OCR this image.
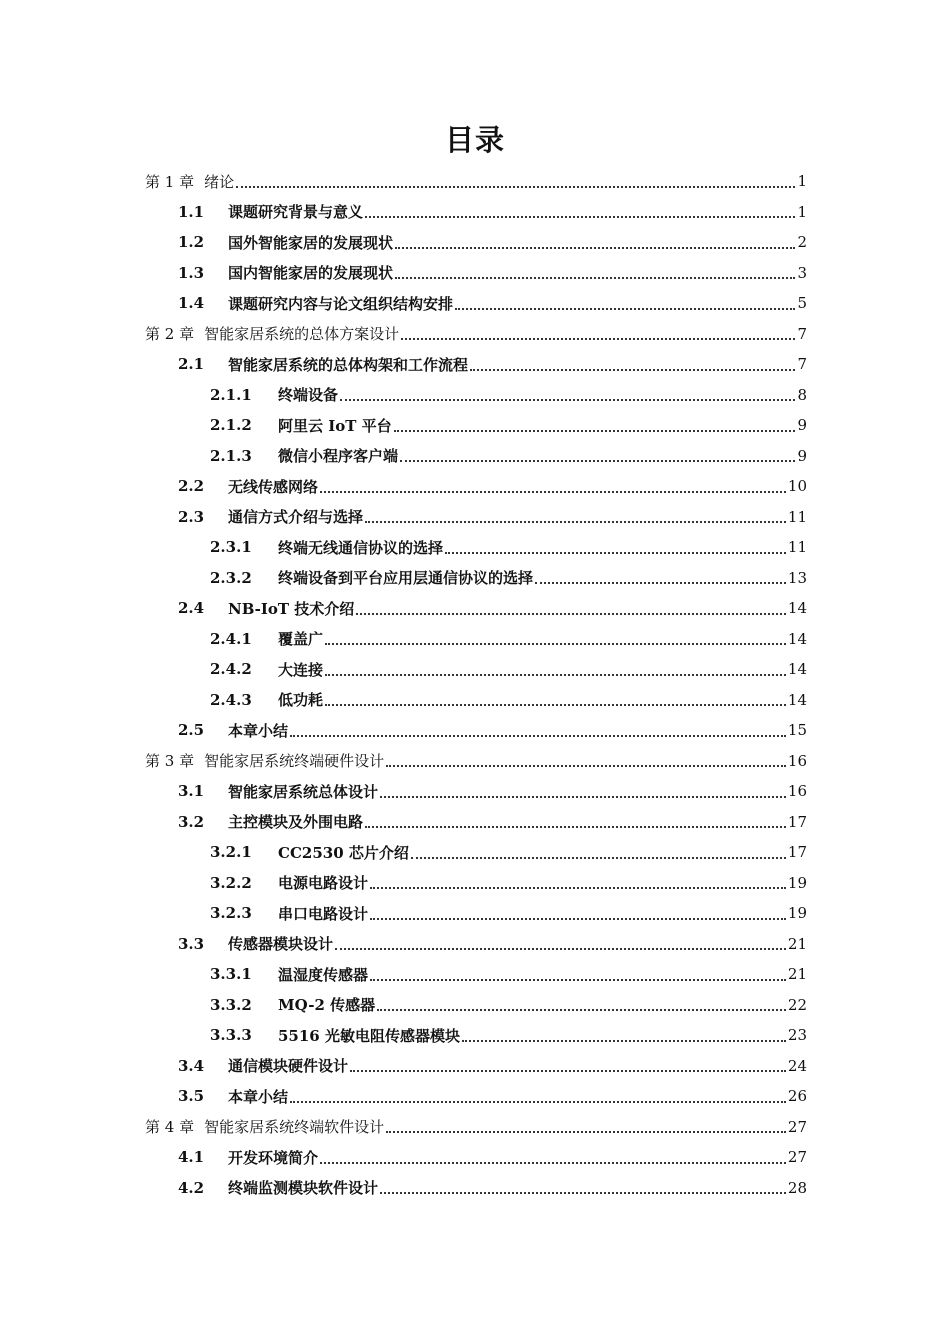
目录
第 1 章 绪论	1
1.1	课题研究背景与意义	1
1.2	国外智能家居的发展现状	2
1.3	国内智能家居的发展现状	3
1.4	课题研究内容与论文组织结构安排	5
第 2 章 智能家居系统的总体方案设计	7
2.1	智能家居系统的总体构架和工作流程	7
2.1.1	终端设备	8
2.1.2	阿里云 IoT 平台	9
2.1.3	微信小程序客户端	9
2.2	无线传感网络	10
2.3	通信方式介绍与选择	11
2.3.1	终端无线通信协议的选择	11
2.3.2	终端设备到平台应用层通信协议的选择	13
2.4	NB-IoT 技术介绍	14
2.4.1	覆盖广	14
2.4.2	大连接	14
2.4.3	低功耗	14
2.5	本章小结	15
第 3 章 智能家居系统终端硬件设计	16
3.1	智能家居系统总体设计	16
3.2	主控模块及外围电路	17
3.2.1	CC2530 芯片介绍	17
3.2.2	电源电路设计	19
3.2.3	串口电路设计	19
3.3	传感器模块设计	21
3.3.1	温湿度传感器	21
3.3.2	MQ-2 传感器	22
3.3.3	5516 光敏电阻传感器模块	23
3.4	通信模块硬件设计	24
3.5	本章小结	26
第 4 章 智能家居系统终端软件设计	27
4.1	开发环境简介	27
4.2	终端监测模块软件设计	28
